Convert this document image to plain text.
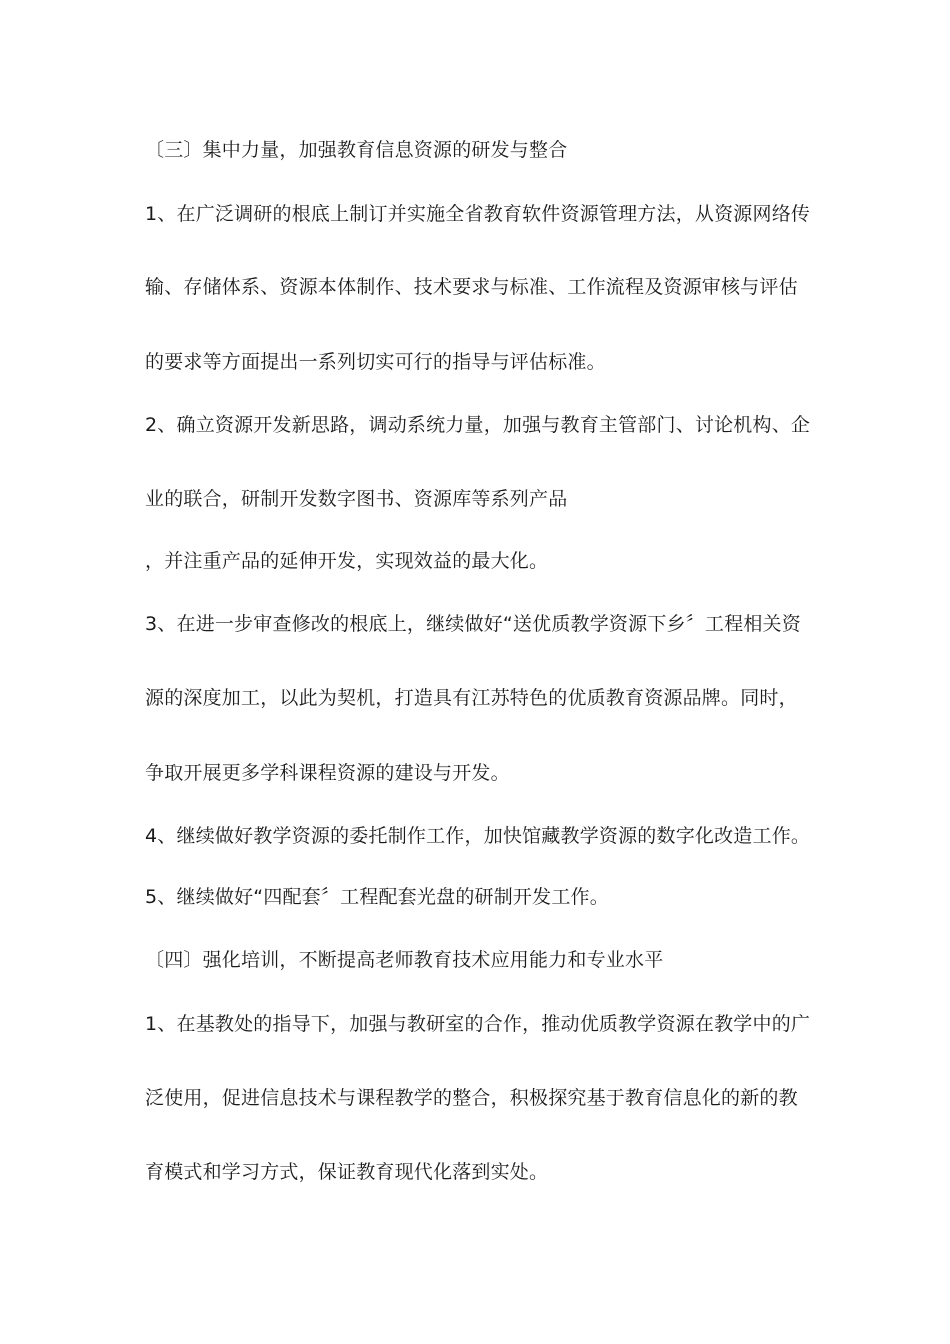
〔三〕集中力量，加强教育信息资源的研发与整合
1、在广泛调研的根底上制订并实施全省教育软件资源管理方法，从资源网络传
输、存储体系、资源本体制作、技术要求与标准、工作流程及资源审核与评估
的要求等方面提出一系列切实可行的指导与评估标准。
2、确立资源开发新思路，调动系统力量，加强与教育主管部门、讨论机构、企
业的联合，研制开发数字图书、资源库等系列产品
，并注重产品的延伸开发，实现效益的最大化。
3、在进一步审查修改的根底上，继续做好“送优质教学资源下乡〞工程相关资
源的深度加工，以此为契机，打造具有江苏特色的优质教育资源品牌。同时，
争取开展更多学科课程资源的建设与开发。
4、继续做好教学资源的委托制作工作，加快馆藏教学资源的数字化改造工作。
5、继续做好“四配套〞工程配套光盘的研制开发工作。
〔四〕强化培训，不断提高老师教育技术应用能力和专业水平
1、在基教处的指导下，加强与教研室的合作，推动优质教学资源在教学中的广
泛使用，促进信息技术与课程教学的整合，积极探究基于教育信息化的新的教
育模式和学习方式，保证教育现代化落到实处。
